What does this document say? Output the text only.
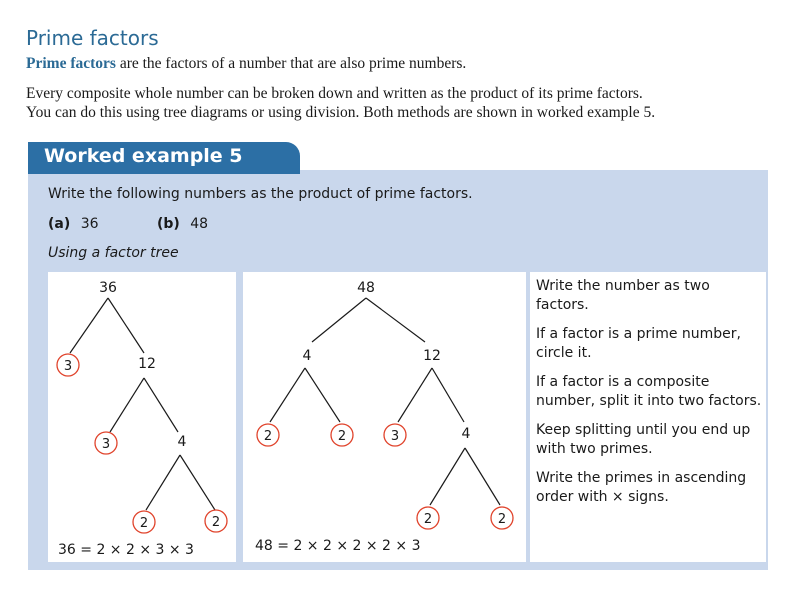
Prime factors
Prime factors are the factors of a number that are also prime numbers.
Every composite whole number can be broken down and written as the product of its prime factors.
You can do this using tree diagrams or using division. Both methods are shown in worked example 5.
Worked example 5
Write the following numbers as the product of prime factors.
(a) 36	(b) 48
Using a factor tree
36
12
4
3
3
2	2
48
4	12
4
2	2	3
2	2
36 = 2 × 2 × 3 × 3	48 = 2 × 2 × 2 × 2 × 3

Write the number as two factors.

If a factor is a prime number, circle it.

If a factor is a composite number, split it into two factors.

Keep splitting until you end up with two primes.

Write the primes in ascending order with × signs.
